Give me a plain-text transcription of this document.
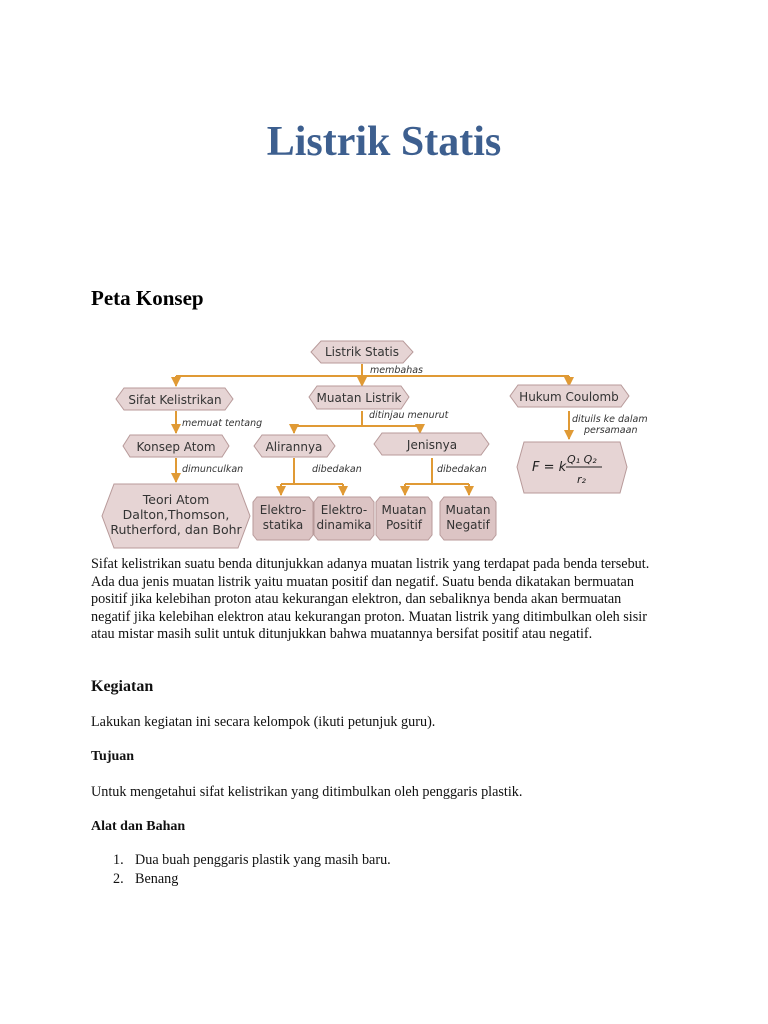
Listrik Statis
Peta Konsep
Listrik Statis
membahas
Sifat Kelistrikan
memuat tentang
Konsep Atom
dimunculkan
Teori Atom
Dalton,Thomson,
Rutherford, dan Bohr
Muatan Listrik
ditinjau menurut
Alirannya
dibedakan
Elektro-
statika
Elektro-
dinamika
Jenisnya
dibedakan
Muatan
Positif
Muatan
Negatif
Hukum Coulomb
dituils ke dalam
persamaan
F = k
Q₁ Q₂
r₂

Sifat kelistrikan suatu benda ditunjukkan adanya muatan listrik yang terdapat pada benda tersebut. Ada dua jenis muatan listrik yaitu muatan positif dan negatif. Suatu benda dikatakan bermuatan positif jika kelebihan proton atau kekurangan elektron, dan sebaliknya benda akan bermuatan negatif jika kelebihan elektron atau kekurangan proton. Muatan listrik yang ditimbulkan oleh sisir atau mistar masih sulit untuk ditunjukkan bahwa muatannya bersifat positif atau negatif.

Kegiatan

Lakukan kegiatan ini secara kelompok (ikuti petunjuk guru).

Tujuan

Untuk mengetahui sifat kelistrikan yang ditimbulkan oleh penggaris plastik.

Alat dan Bahan
1. Dua buah penggaris plastik yang masih baru.
2. Benang
